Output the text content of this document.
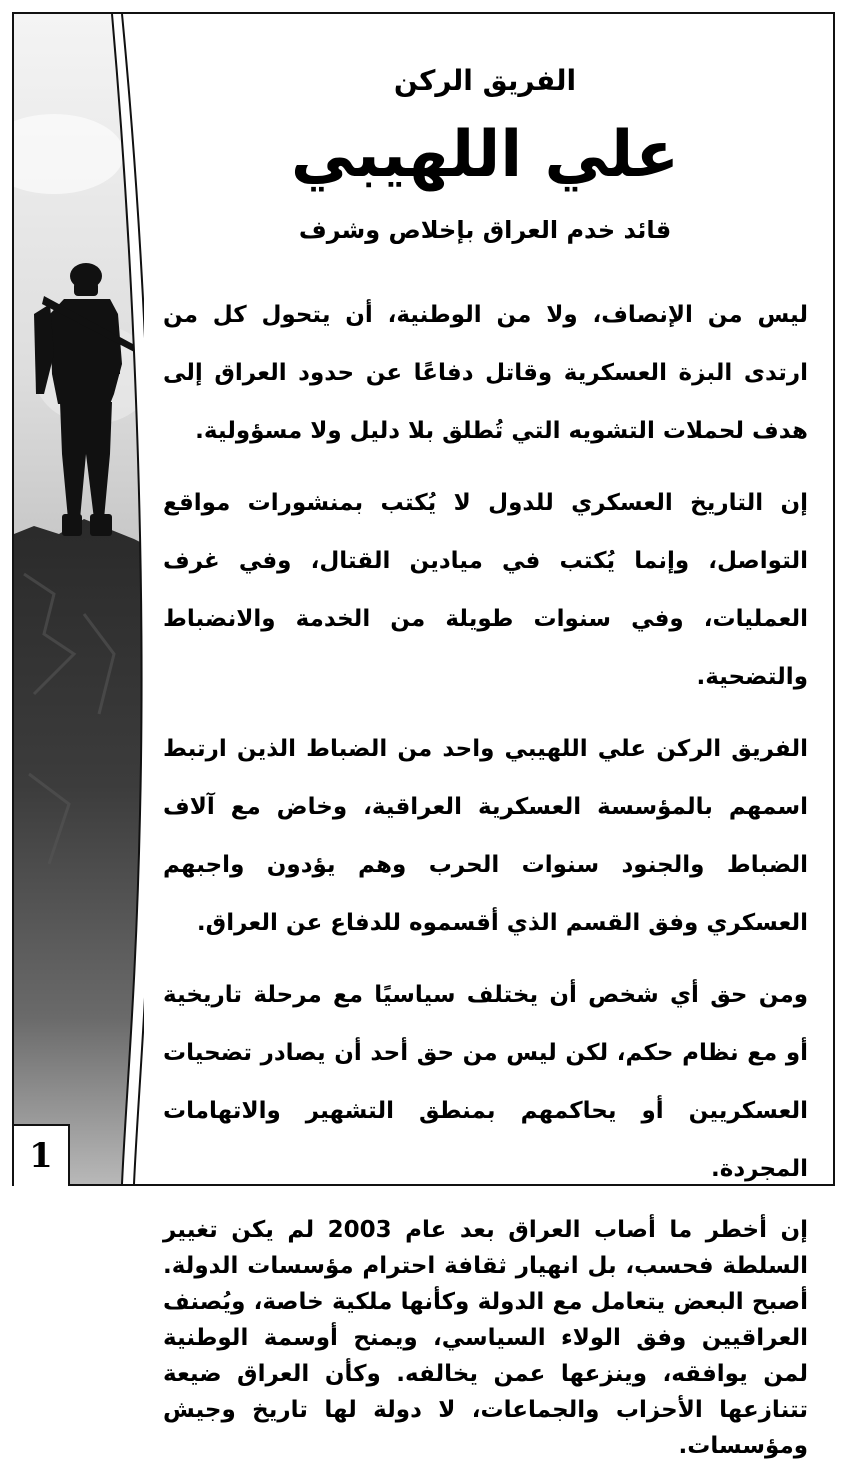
الفريق الركن
علي اللهيبي
قائد خدم العراق بإخلاص وشرف

ليس من الإنصاف، ولا من الوطنية، أن يتحول كل من ارتدى البزة العسكرية وقاتل دفاعًا عن حدود العراق إلى هدف لحملات التشويه التي تُطلق بلا دليل ولا مسؤولية.

إن التاريخ العسكري للدول لا يُكتب بمنشورات مواقع التواصل، وإنما يُكتب في ميادين القتال، وفي غرف العمليات، وفي سنوات طويلة من الخدمة والانضباط والتضحية.

الفريق الركن علي اللهيبي واحد من الضباط الذين ارتبط اسمهم بالمؤسسة العسكرية العراقية، وخاض مع آلاف الضباط والجنود سنوات الحرب وهم يؤدون واجبهم العسكري وفق القسم الذي أقسموه للدفاع عن العراق.

ومن حق أي شخص أن يختلف سياسيًا مع مرحلة تاريخية أو مع نظام حكم، لكن ليس من حق أحد أن يصادر تضحيات العسكريين أو يحاكمهم بمنطق التشهير والاتهامات المجردة.

إن أخطر ما أصاب العراق بعد عام 2003 لم يكن تغيير السلطة فحسب، بل انهيار ثقافة احترام مؤسسات الدولة. أصبح البعض يتعامل مع الدولة وكأنها ملكية خاصة، ويُصنف العراقيين وفق الولاء السياسي، ويمنح أوسمة الوطنية لمن يوافقه، وينزعها عمن يخالفه. وكأن العراق ضيعة تتنازعها الأحزاب والجماعات، لا دولة لها تاريخ وجيش ومؤسسات.

1
